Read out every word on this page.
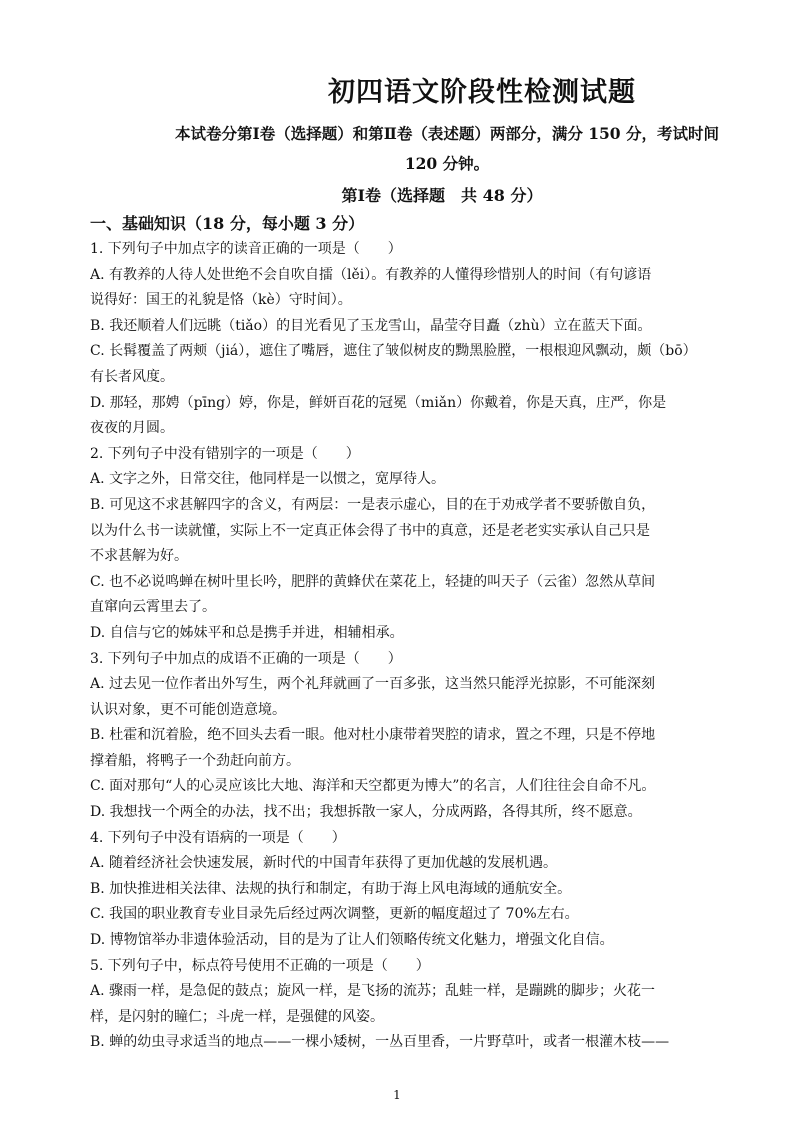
初四语文阶段性检测试题
本试卷分第Ⅰ卷（选择题）和第Ⅱ卷（表述题）两部分，满分 150 分，考试时间
120 分钟。
第Ⅰ卷（选择题　共 48 分）
一、基础知识（18 分，每小题 3 分）
1. 下列句子中加点字的读音正确的一项是（　　）
A. 有教养的人待人处世绝不会自吹自擂（lěi）。有教养的人懂得珍惜别人的时间（有句谚语
说得好：国王的礼貌是恪（kè）守时间）。
B. 我还顺着人们远眺（tiǎo）的目光看见了玉龙雪山，晶莹夺目矗（zhù）立在蓝天下面。
C. 长髯覆盖了两颊（jiá），遮住了嘴唇，遮住了皱似树皮的黝黑脸膛，一根根迎风飘动，颇（bō）
有长者风度。
D. 那轻，那娉（pīng）婷，你是，鲜妍百花的冠冕（miǎn）你戴着，你是天真，庄严，你是
夜夜的月圆。
2. 下列句子中没有错别字的一项是（　　）
A. 文字之外，日常交往，他同样是一以惯之，宽厚待人。
B. 可见这不求甚解四字的含义，有两层：一是表示虚心，目的在于劝戒学者不要骄傲自负，
以为什么书一读就懂，实际上不一定真正体会得了书中的真意，还是老老实实承认自己只是
不求甚解为好。
C. 也不必说鸣蝉在树叶里长吟，肥胖的黄蜂伏在菜花上，轻捷的叫天子（云雀）忽然从草间
直窜向云霄里去了。
D. 自信与它的姊妹平和总是携手并进，相辅相承。
3. 下列句子中加点的成语不正确的一项是（　　）
A. 过去见一位作者出外写生，两个礼拜就画了一百多张，这当然只能浮光掠影，不可能深刻
认识对象，更不可能创造意境。
B. 杜霍和沉着脸，绝不回头去看一眼。他对杜小康带着哭腔的请求，置之不理，只是不停地
撑着船，将鸭子一个劲赶向前方。
C. 面对那句“人的心灵应该比大地、海洋和天空都更为博大”的名言，人们往往会自命不凡。
D. 我想找一个两全的办法，找不出；我想拆散一家人，分成两路，各得其所，终不愿意。
4. 下列句子中没有语病的一项是（　　）
A. 随着经济社会快速发展，新时代的中国青年获得了更加优越的发展机遇。
B. 加快推进相关法律、法规的执行和制定，有助于海上风电海域的通航安全。
C. 我国的职业教育专业目录先后经过两次调整，更新的幅度超过了 70%左右。
D. 博物馆举办非遗体验活动，目的是为了让人们领略传统文化魅力，增强文化自信。
5. 下列句子中，标点符号使用不正确的一项是（　　）
A. 骤雨一样，是急促的鼓点；旋风一样，是飞扬的流苏；乱蛙一样，是蹦跳的脚步；火花一
样，是闪射的瞳仁；斗虎一样，是强健的风姿。
B. 蝉的幼虫寻求适当的地点——一棵小矮树，一丛百里香，一片野草叶，或者一根灌木枝——
1
